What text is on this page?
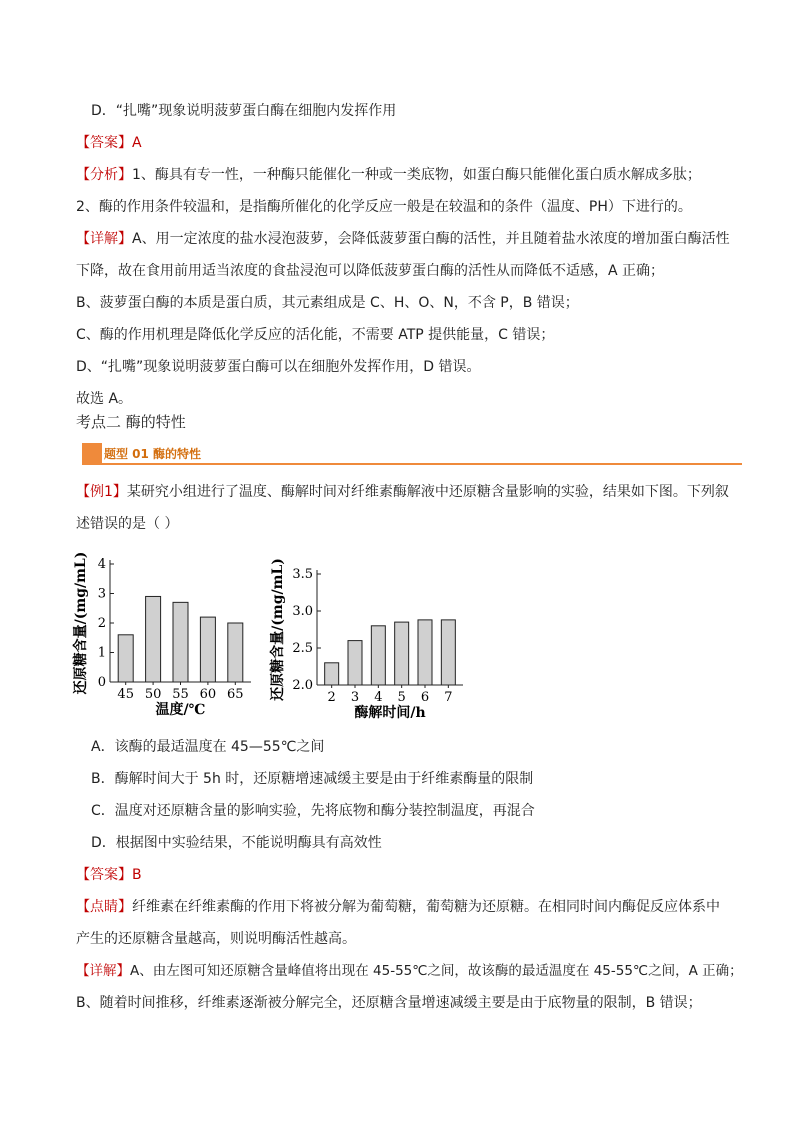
D．“扎嘴”现象说明菠萝蛋白酶在细胞内发挥作用
【答案】A
【分析】1、酶具有专一性，一种酶只能催化一种或一类底物，如蛋白酶只能催化蛋白质水解成多肽；
2、酶的作用条件较温和，是指酶所催化的化学反应一般是在较温和的条件（温度、PH）下进行的。
【详解】A、用一定浓度的盐水浸泡菠萝，会降低菠萝蛋白酶的活性，并且随着盐水浓度的增加蛋白酶活性
下降，故在食用前用适当浓度的食盐浸泡可以降低菠萝蛋白酶的活性从而降低不适感，A 正确；
B、菠萝蛋白酶的本质是蛋白质，其元素组成是 C、H、O、N，不含 P，B 错误；
C、酶的作用机理是降低化学反应的活化能，不需要 ATP 提供能量，C 错误；
D、“扎嘴”现象说明菠萝蛋白酶可以在细胞外发挥作用，D 错误。
故选 A。
考点二 酶的特性
题型 01 酶的特性
【例1】某研究小组进行了温度、酶解时间对纤维素酶解液中还原糖含量影响的实验，结果如下图。下列叙
述错误的是（ ）
0
1
2
3
4
45 50 55 60 65
温度/℃
还原糖含量/(mg/mL)	2.0
2.5
3.0
3.5
2 3 4 5 6 7
酶解时间/h
还原糖含量/(mg/mL)
A．该酶的最适温度在 45—55℃之间
B．酶解时间大于 5h 时，还原糖增速减缓主要是由于纤维素酶量的限制
C．温度对还原糖含量的影响实验，先将底物和酶分装控制温度，再混合
D．根据图中实验结果，不能说明酶具有高效性
【答案】B
【点睛】纤维素在纤维素酶的作用下将被分解为葡萄糖，葡萄糖为还原糖。在相同时间内酶促反应体系中
产生的还原糖含量越高，则说明酶活性越高。
【详解】A、由左图可知还原糖含量峰值将出现在 45-55℃之间，故该酶的最适温度在 45-55℃之间，A 正确；
B、随着时间推移，纤维素逐渐被分解完全，还原糖含量增速减缓主要是由于底物量的限制，B 错误；
